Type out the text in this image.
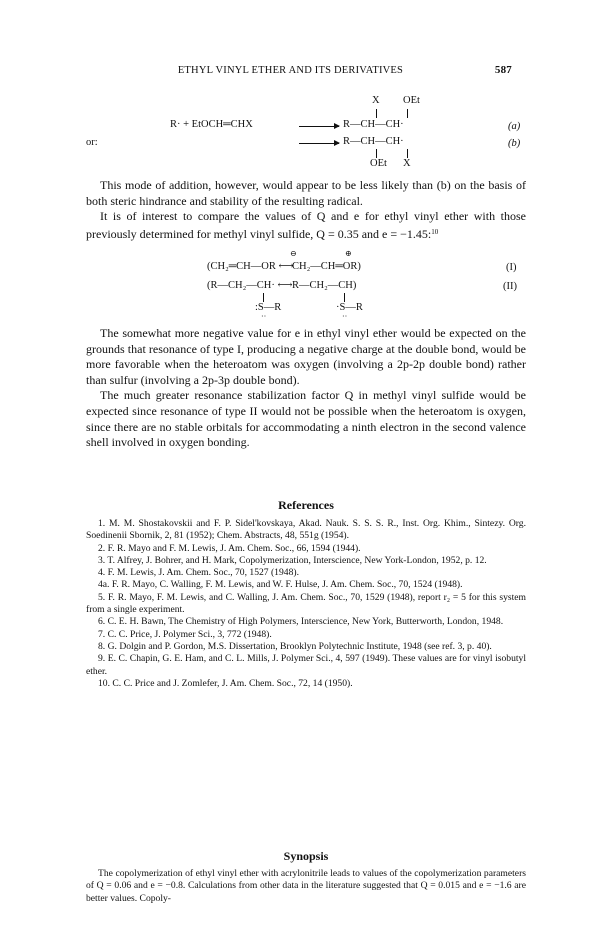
ETHYL VINYL ETHER AND ITS DERIVATIVES	587
X OEt
R· + EtOCH═CHX	→ R—CH—CH·	(a)
or:	→ R—CH—CH·	(b)
OEt X

This mode of addition, however, would appear to be less likely than (b) on the basis of both steric hindrance and stability of the resulting radical.

It is of interest to compare the values of Q and e for ethyl vinyl ether with those previously determined for methyl vinyl sulfide, Q = 0.35 and e = −1.45:$^{10}$

⊖	⊕
(CH₂═CH—OR ⟷
CH₂—CH═OR)	(I)
(R—CH₂—CH· ⟷ R—CH₂—CH)	(II)
:S—R	·S—R
··	··

The somewhat more negative value for e in ethyl vinyl ether would be expected on the grounds that resonance of type I, producing a negative charge at the double bond, would be more favorable when the heteroatom was oxygen (involving a 2p-2p double bond) rather than sulfur (involving a 2p-3p double bond).

The much greater resonance stabilization factor Q in methyl vinyl sulfide would be expected since resonance of type II would not be possible when the heteroatom is oxygen, since there are no stable orbitals for accommodating a ninth electron in the second valence shell involved in oxygen bonding.

References
1. M. M. Shostakovskii and F. P. Sidel'kovskaya, Akad. Nauk. S. S. S. R., Inst. Org. Khim., Sintezy. Org. Soedinenii Sbornik, 2, 81 (1952); Chem. Abstracts, 48, 551g (1954).
2. F. R. Mayo and F. M. Lewis, J. Am. Chem. Soc., 66, 1594 (1944).
3. T. Alfrey, J. Bohrer, and H. Mark, Copolymerization, Interscience, New York-London, 1952, p. 12.
4. F. M. Lewis, J. Am. Chem. Soc., 70, 1527 (1948).
4a. F. R. Mayo, C. Walling, F. M. Lewis, and W. F. Hulse, J. Am. Chem. Soc., 70, 1524 (1948).
5. F. R. Mayo, F. M. Lewis, and C. Walling, J. Am. Chem. Soc., 70, 1529 (1948), report r₂ = 5 for this system from a single experiment.
6. C. E. H. Bawn, The Chemistry of High Polymers, Interscience, New York, Butterworth, London, 1948.
7. C. C. Price, J. Polymer Sci., 3, 772 (1948).
8. G. Dolgin and P. Gordon, M.S. Dissertation, Brooklyn Polytechnic Institute, 1948 (see ref. 3, p. 40).
9. E. C. Chapin, G. E. Ham, and C. L. Mills, J. Polymer Sci., 4, 597 (1949). These values are for vinyl isobutyl ether.
10. C. C. Price and J. Zomlefer, J. Am. Chem. Soc., 72, 14 (1950).
Synopsis
The copolymerization of ethyl vinyl ether with acrylonitrile leads to values of the copolymerization parameters of Q = 0.06 and e = −0.8. Calculations from other data in the literature suggested that Q = 0.015 and e = −1.6 are better values. Copoly-
